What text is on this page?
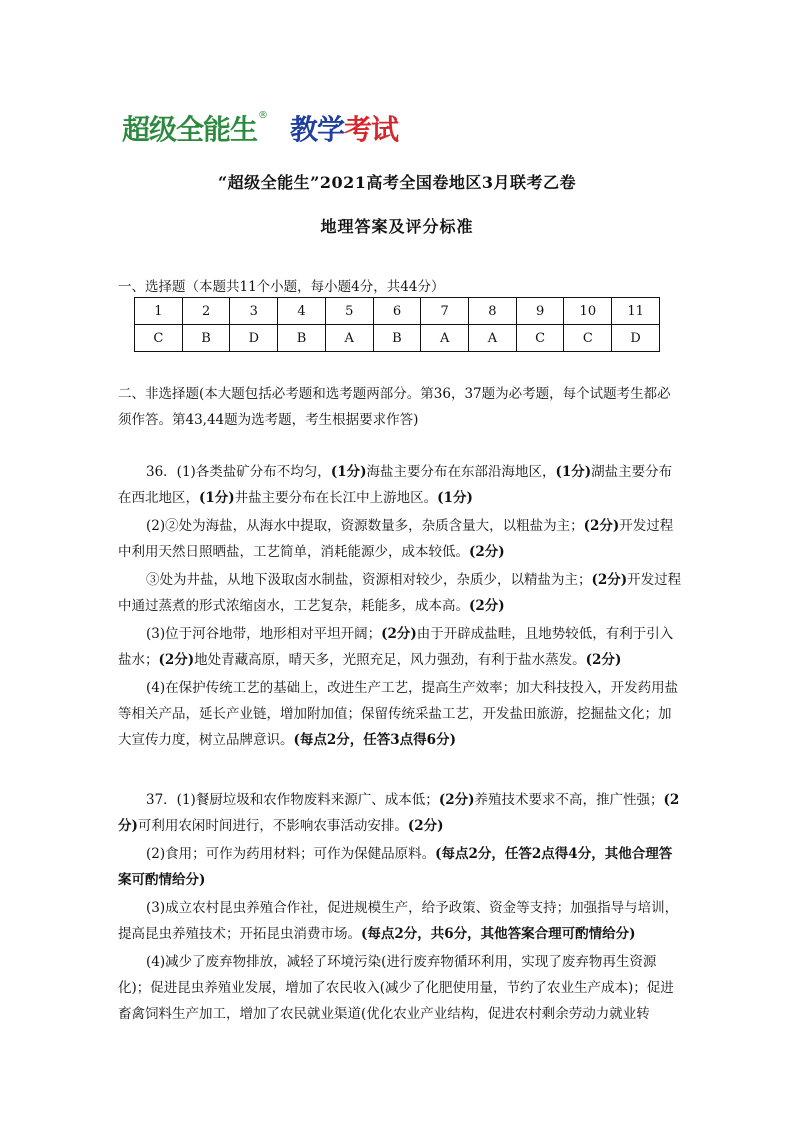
超级全能生 ® 教学 考试
“超级全能生”2021高考全国卷地区3月联考乙卷
地理答案及评分标准
一、选择题（本题共11个小题，每小题4分，共44分）
1	2	3	4	5	6	7	8	9	10	11
C	B	D	B	A	B	A	A	C	C	D

二、非选择题(本大题包括必考题和选考题两部分。第36，37题为必考题，每个试题考生都必须作答。第43,44题为选考题，考生根据要求作答)

36．(1)各类盐矿分布不均匀，(1分)海盐主要分布在东部沿海地区，(1分)湖盐主要分布在西北地区，(1分)井盐主要分布在长江中上游地区。(1分)

(2)②处为海盐，从海水中提取，资源数量多，杂质含量大，以粗盐为主；(2分)开发过程中利用天然日照晒盐，工艺简单，消耗能源少，成本较低。(2分)

③处为井盐，从地下汲取卤水制盐，资源相对较少，杂质少，以精盐为主；(2分)开发过程中通过蒸煮的形式浓缩卤水，工艺复杂，耗能多，成本高。(2分)

(3)位于河谷地带，地形相对平坦开阔；(2分)由于开辟成盐畦，且地势较低，有利于引入盐水；(2分)地处青藏高原，晴天多，光照充足，风力强劲，有利于盐水蒸发。(2分)

(4)在保护传统工艺的基础上，改进生产工艺，提高生产效率；加大科技投入，开发药用盐等相关产品，延长产业链，增加附加值；保留传统采盐工艺，开发盐田旅游，挖掘盐文化；加大宣传力度，树立品牌意识。(每点2分，任答3点得6分)

37．(1)餐厨垃圾和农作物废料来源广、成本低；(2分)养殖技术要求不高，推广性强；(2分)可利用农闲时间进行，不影响农事活动安排。(2分)

(2)食用；可作为药用材料；可作为保健品原料。(每点2分，任答2点得4分，其他合理答案可酌情给分)

(3)成立农村昆虫养殖合作社，促进规模生产，给予政策、资金等支持；加强指导与培训，提高昆虫养殖技术；开拓昆虫消费市场。(每点2分，共6分，其他答案合理可酌情给分)

(4)减少了废弃物排放，减轻了环境污染(进行废弃物循环利用，实现了废弃物再生资源化)；促进昆虫养殖业发展，增加了农民收入(减少了化肥使用量，节约了农业生产成本)；促进畜禽饲料生产加工，增加了农民就业渠道(优化农业产业结构，促进农村剩余劳动力就业转
